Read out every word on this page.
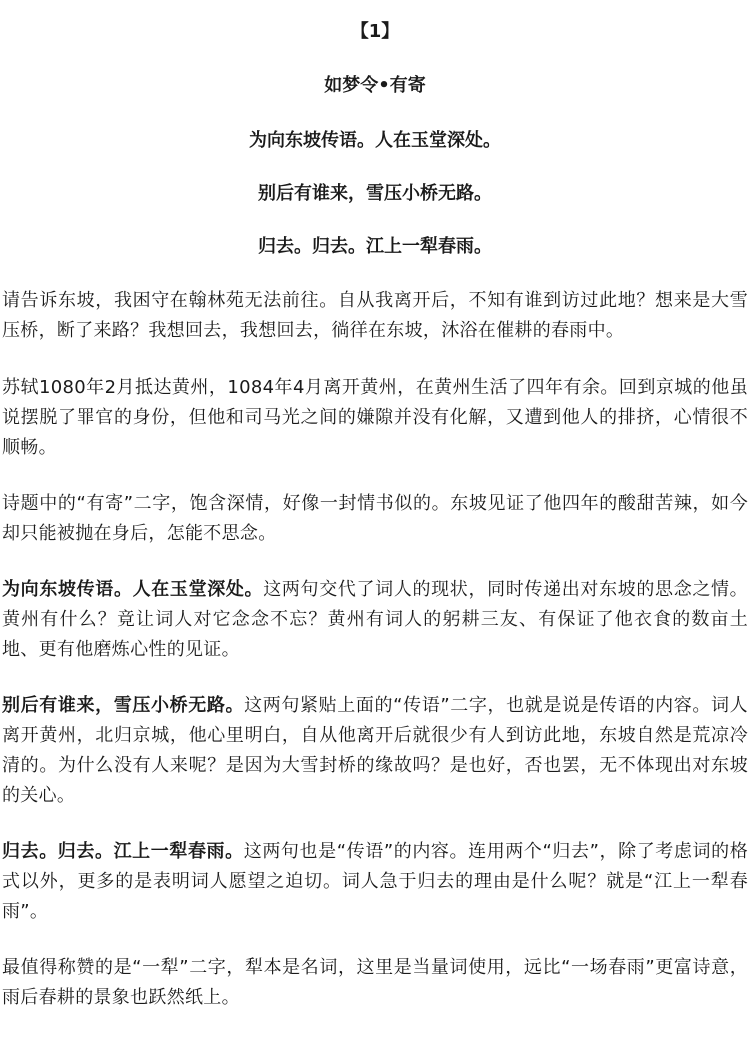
【1】

如梦令•有寄

为向东坡传语。人在玉堂深处。

别后有谁来，雪压小桥无路。

归去。归去。江上一犁春雨。

请告诉东坡，我困守在翰林苑无法前往。自从我离开后，不知有谁到访过此地？想来是大雪压桥，断了来路？我想回去，我想回去，徜徉在东坡，沐浴在催耕的春雨中。

苏轼1080年2月抵达黄州，1084年4月离开黄州，在黄州生活了四年有余。回到京城的他虽说摆脱了罪官的身份，但他和司马光之间的嫌隙并没有化解，又遭到他人的排挤，心情很不顺畅。

诗题中的“有寄”二字，饱含深情，好像一封情书似的。东坡见证了他四年的酸甜苦辣，如今却只能被抛在身后，怎能不思念。

为向东坡传语。人在玉堂深处。这两句交代了词人的现状，同时传递出对东坡的思念之情。黄州有什么？竟让词人对它念念不忘？黄州有词人的躬耕三友、有保证了他衣食的数亩土地、更有他磨炼心性的见证。

别后有谁来，雪压小桥无路。这两句紧贴上面的“传语”二字，也就是说是传语的内容。词人离开黄州，北归京城，他心里明白，自从他离开后就很少有人到访此地，东坡自然是荒凉冷清的。为什么没有人来呢？是因为大雪封桥的缘故吗？是也好，否也罢，无不体现出对东坡的关心。

归去。归去。江上一犁春雨。这两句也是“传语”的内容。连用两个“归去”，除了考虑词的格式以外，更多的是表明词人愿望之迫切。词人急于归去的理由是什么呢？就是“江上一犁春雨”。

最值得称赞的是“一犁”二字，犁本是名词，这里是当量词使用，远比“一场春雨”更富诗意，雨后春耕的景象也跃然纸上。
